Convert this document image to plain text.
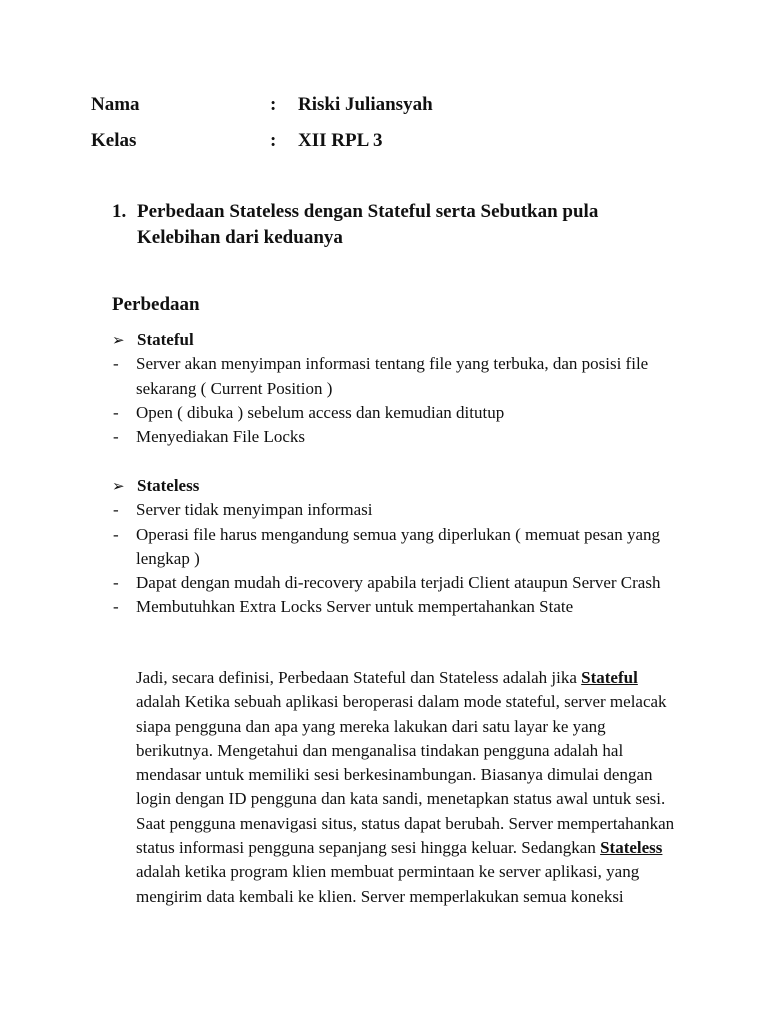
Nama	: Riski Juliansyah
Kelas	: XII RPL 3
1. Perbedaan Stateless dengan Stateful serta Sebutkan pula Kelebihan dari keduanya
Perbedaan
➢ Stateful
- Server akan menyimpan informasi tentang file yang terbuka, dan posisi file sekarang ( Current Position )
- Open ( dibuka ) sebelum access dan kemudian ditutup
- Menyediakan File Locks
➢ Stateless
- Server tidak menyimpan informasi
- Operasi file harus mengandung semua yang diperlukan ( memuat pesan yang lengkap )
- Dapat dengan mudah di-recovery apabila terjadi Client ataupun Server Crash
- Membutuhkan Extra Locks Server untuk mempertahankan State
Jadi, secara definisi, Perbedaan Stateful dan Stateless adalah jika Stateful adalah Ketika sebuah aplikasi beroperasi dalam mode stateful, server melacak siapa pengguna dan apa yang mereka lakukan dari satu layar ke yang berikutnya. Mengetahui dan menganalisa tindakan pengguna adalah hal mendasar untuk memiliki sesi berkesinambungan. Biasanya dimulai dengan login dengan ID pengguna dan kata sandi, menetapkan status awal untuk sesi. Saat pengguna menavigasi situs, status dapat berubah. Server mempertahankan status informasi pengguna sepanjang sesi hingga keluar. Sedangkan Stateless adalah ketika program klien membuat permintaan ke server aplikasi, yang mengirim data kembali ke klien. Server memperlakukan semua koneksi
